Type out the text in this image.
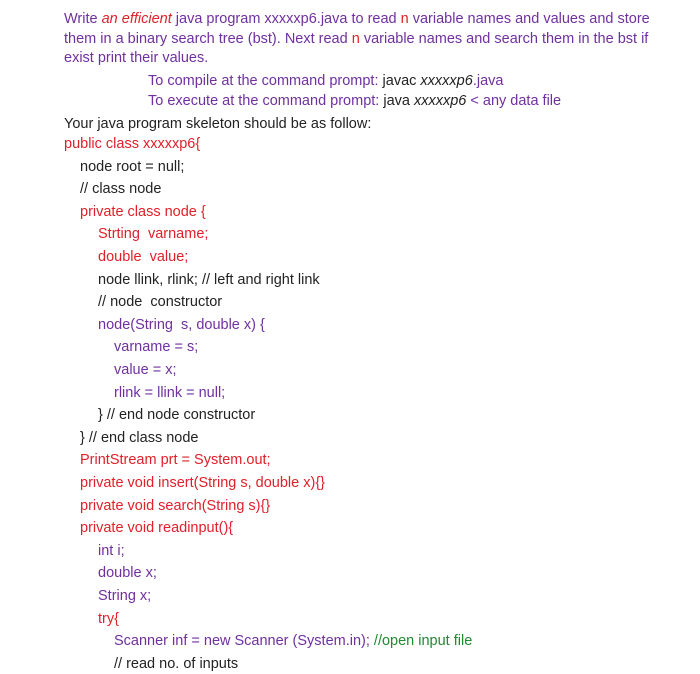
Write an efficient java program xxxxxp6.java to read n variable names and values and store them in a binary search tree (bst). Next read n variable names and search them in the bst if exist print their values.
To compile at the command prompt: javac xxxxxp6.java
To execute at the command prompt: java xxxxxp6 < any data file
Your java program skeleton should be as follow:
public class xxxxxp6{
node root = null;
// class node
private class node {
Strting  varname;
double  value;
node llink, rlink; // left and right link
// node  constructor
node(String  s, double x) {
varname = s;
value = x;
rlink = llink = null;
} // end node constructor
} // end class node
PrintStream prt = System.out;
private void insert(String s, double x){}
private void search(String s){}
private void readinput(){
int i;
double x;
String x;
try{
Scanner inf = new Scanner (System.in); //open input file
// read no. of inputs
